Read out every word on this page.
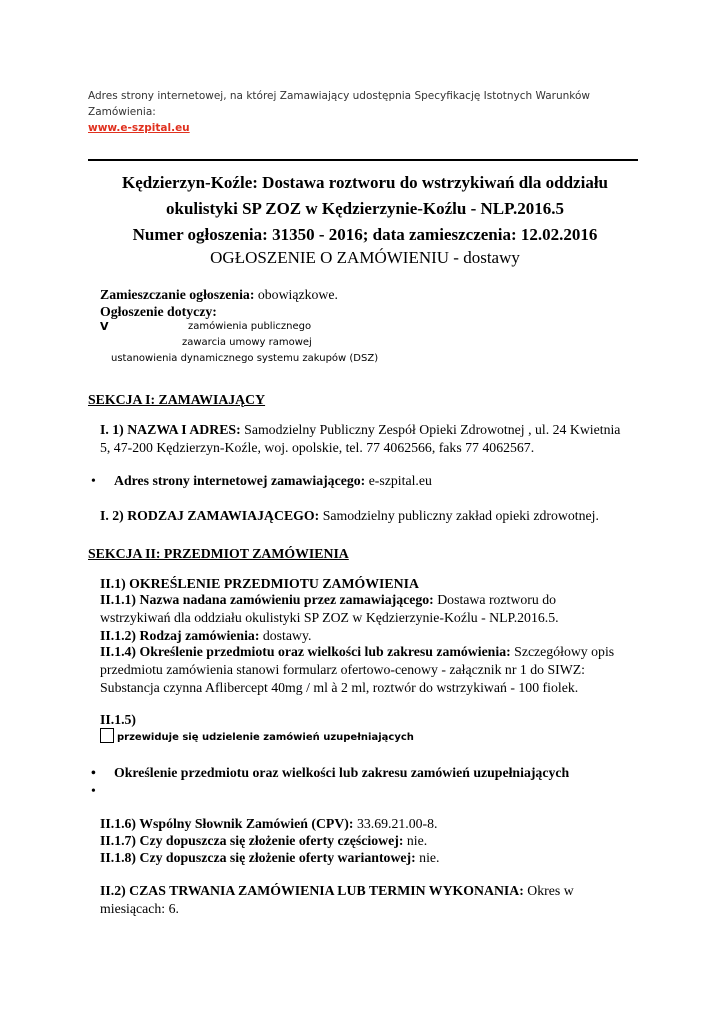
Adres strony internetowej, na której Zamawiający udostępnia Specyfikację Istotnych Warunków Zamówienia:
www.e-szpital.eu
Kędzierzyn-Koźle: Dostawa roztworu do wstrzykiwań dla oddziału
okulistyki SP ZOZ w Kędzierzynie-Koźlu - NLP.2016.5
Numer ogłoszenia: 31350 - 2016; data zamieszczenia: 12.02.2016
OGŁOSZENIE O ZAMÓWIENIU - dostawy
Zamieszczanie ogłoszenia: obowiązkowe.
Ogłoszenie dotyczy:
V	zamówienia publicznego
zawarcia umowy ramowej
ustanowienia dynamicznego systemu zakupów (DSZ)
SEKCJA I: ZAMAWIAJĄCY
I. 1) NAZWA I ADRES: Samodzielny Publiczny Zespół Opieki Zdrowotnej , ul. 24 Kwietnia 5, 47-200 Kędzierzyn-Koźle, woj. opolskie, tel. 77 4062566, faks 77 4062567.
• Adres strony internetowej zamawiającego: e-szpital.eu
I. 2) RODZAJ ZAMAWIAJĄCEGO: Samodzielny publiczny zakład opieki zdrowotnej.
SEKCJA II: PRZEDMIOT ZAMÓWIENIA
II.1) OKREŚLENIE PRZEDMIOTU ZAMÓWIENIA
II.1.1) Nazwa nadana zamówieniu przez zamawiającego: Dostawa roztworu do wstrzykiwań dla oddziału okulistyki SP ZOZ w Kędzierzynie-Koźlu - NLP.2016.5.
II.1.2) Rodzaj zamówienia: dostawy.
II.1.4) Określenie przedmiotu oraz wielkości lub zakresu zamówienia: Szczegółowy opis przedmiotu zamówienia stanowi formularz ofertowo-cenowy - załącznik nr 1 do SIWZ: Substancja czynna Aflibercept 40mg / ml à 2 ml, roztwór do wstrzykiwań - 100 fiolek.
II.1.5)
przewiduje się udzielenie zamówień uzupełniających
• Określenie przedmiotu oraz wielkości lub zakresu zamówień uzupełniających
•
II.1.6) Wspólny Słownik Zamówień (CPV): 33.69.21.00-8.
II.1.7) Czy dopuszcza się złożenie oferty częściowej: nie.
II.1.8) Czy dopuszcza się złożenie oferty wariantowej: nie.
II.2) CZAS TRWANIA ZAMÓWIENIA LUB TERMIN WYKONANIA: Okres w miesiącach: 6.
